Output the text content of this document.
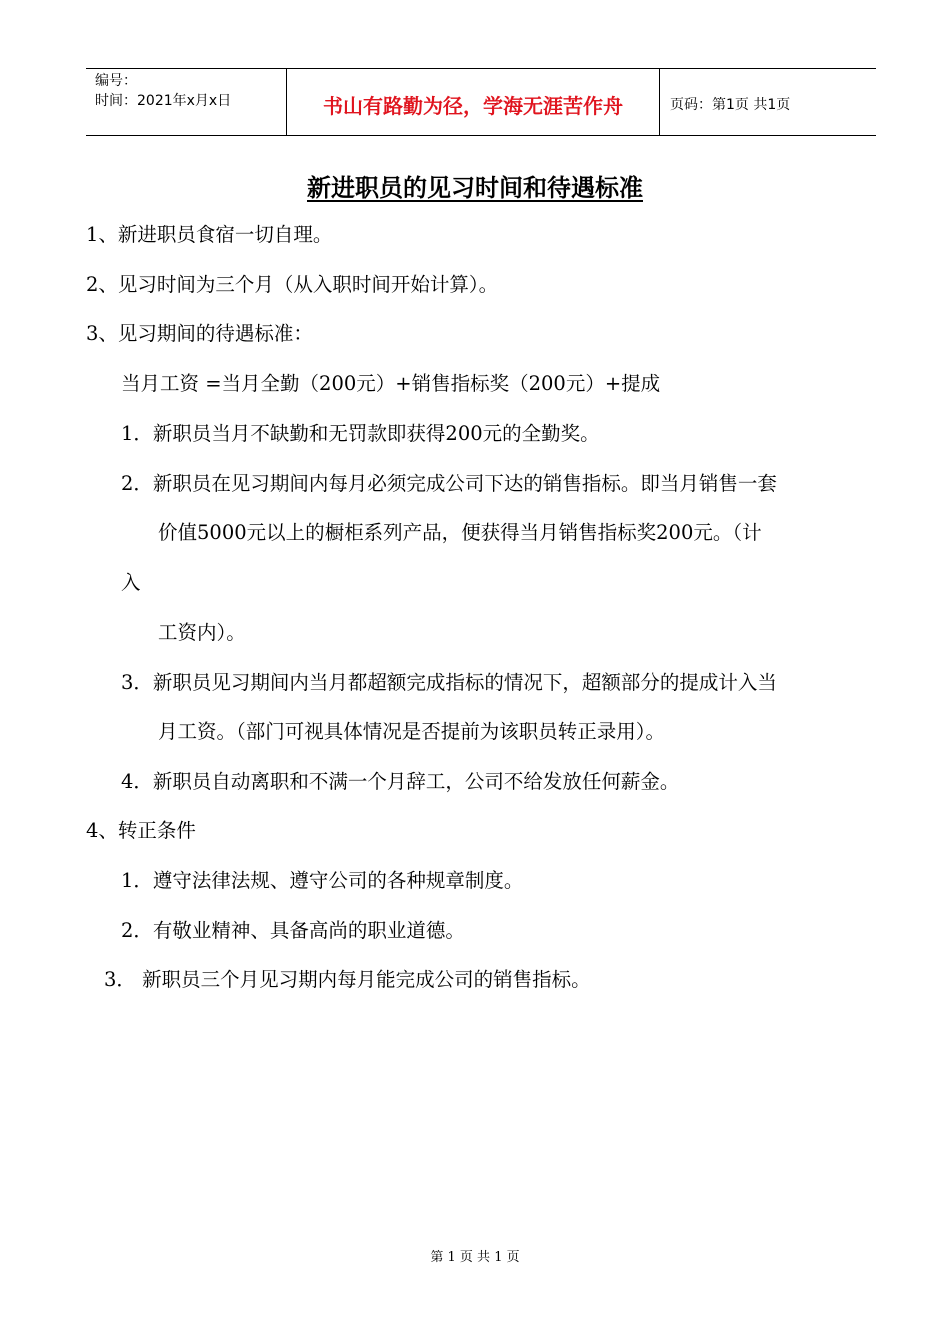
编号：
时间：2021年x月x日	书山有路勤为径，学海无涯苦作舟	页码：第1页 共1页
新进职员的见习时间和待遇标准
1、新进职员食宿一切自理。
2、见习时间为三个月（从入职时间开始计算）。
3、见习期间的待遇标准：
当月工资 =当月全勤（200元）+销售指标奖（200元）+提成
1．新职员当月不缺勤和无罚款即获得200元的全勤奖。
2．新职员在见习期间内每月必须完成公司下达的销售指标。即当月销售一套
价值5000元以上的橱柜系列产品，便获得当月销售指标奖200元。（计
入
工资内）。
3．新职员见习期间内当月都超额完成指标的情况下，超额部分的提成计入当
月工资。（部门可视具体情况是否提前为该职员转正录用）。
4．新职员自动离职和不满一个月辞工，公司不给发放任何薪金。
4、转正条件
1．遵守法律法规、遵守公司的各种规章制度。
2．有敬业精神、具备高尚的职业道德。
3． 新职员三个月见习期内每月能完成公司的销售指标。
第 1 页 共 1 页
